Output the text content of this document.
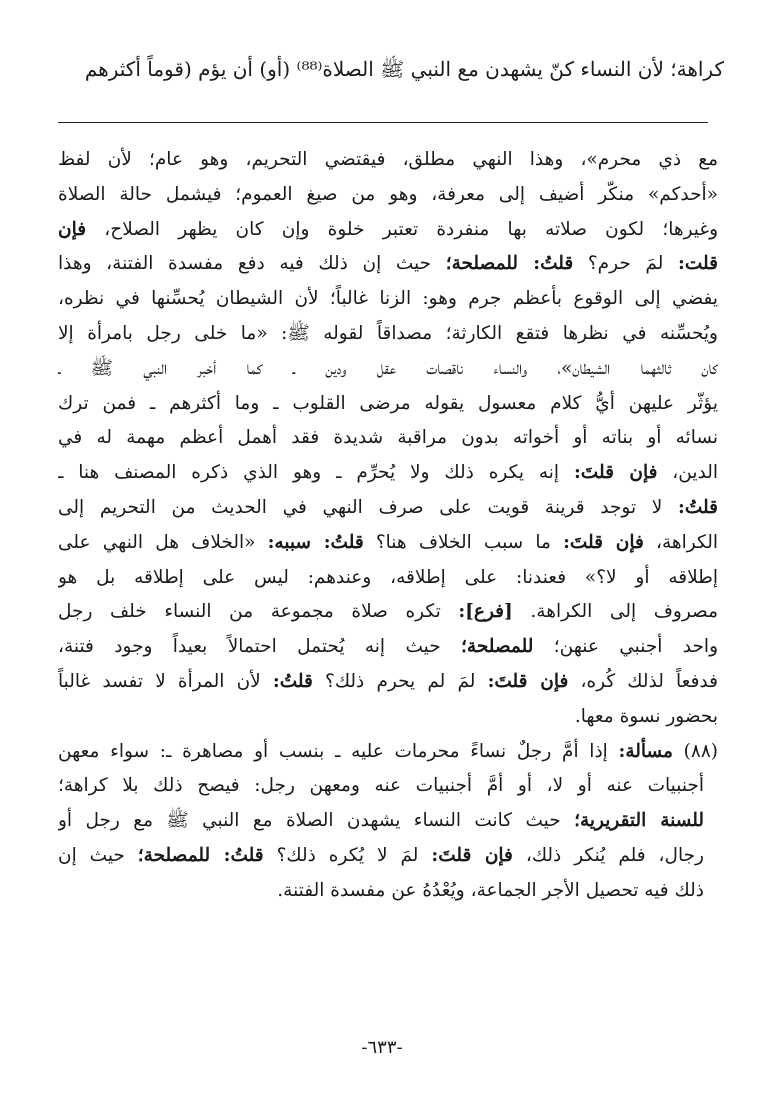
كراهة؛ لأن النساء كنّ يشهدن مع النبي ﷺ الصلاة⁽⁸⁸⁾ (أو) أن يؤم (قوماً أكثرهم
مع ذي محرم»، وهذا النهي مطلق، فيقتضي التحريم، وهو عام؛ لأن لفظ
«أحدكم» منكّر أضيف إلى معرفة، وهو من صيغ العموم؛ فيشمل حالة الصلاة
وغيرها؛ لكون صلاته بها منفردة تعتبر خلوة وإن كان يظهر الصلاح، فإن
قلت: لمَ حرم؟ قلتُ: للمصلحة؛ حيث إن ذلك فيه دفع مفسدة الفتنة، وهذا
يفضي إلى الوقوع بأعظم جرم وهو: الزنا غالباً؛ لأن الشيطان يُحسِّنها في نظره،
ويُحسِّنه في نظرها فتقع الكارثة؛ مصداقاً لقوله ﷺ: «ما خلى رجل بامرأة إلا
كان ثالثهما الشيطان»، والنساء ناقصات عقل ودين ـ كما أخبر النبي ﷺ ـ
يؤثّر عليهن أيُّ كلام معسول يقوله مرضى القلوب ـ وما أكثرهم ـ فمن ترك
نسائه أو بناته أو أخواته بدون مراقبة شديدة فقد أهمل أعظم مهمة له في
الدين، فإن قلتَ: إنه يكره ذلك ولا يُحرِّم ـ وهو الذي ذكره المصنف هنا ـ
قلتُ: لا توجد قرينة قويت على صرف النهي في الحديث من التحريم إلى
الكراهة، فإن قلتَ: ما سبب الخلاف هنا؟ قلتُ: سببه: «الخلاف هل النهي على
إطلاقه أو لا؟» فعندنا: على إطلاقه، وعندهم: ليس على إطلاقه بل هو
مصروف إلى الكراهة. [فرع]: تكره صلاة مجموعة من النساء خلف رجل
واحد أجنبي عنهن؛ للمصلحة؛ حيث إنه يُحتمل احتمالاً بعيداً وجود فتنة،
فدفعاً لذلك كُره، فإن قلتَ: لمَ لم يحرم ذلك؟ قلتُ: لأن المرأة لا تفسد غالباً
بحضور نسوة معها.
(٨٨) مسألة: إذا أمَّ رجلٌ نساءً محرمات عليه ـ بنسب أو مصاهرة ـ: سواء معهن
أجنبيات عنه أو لا، أو أمَّ أجنبيات عنه ومعهن رجل: فيصح ذلك بلا كراهة؛
للسنة التقريرية؛ حيث كانت النساء يشهدن الصلاة مع النبي ﷺ مع رجل أو
رجال، فلم يُنكر ذلك، فإن قلتَ: لمَ لا يُكره ذلك؟ قلتُ: للمصلحة؛ حيث إن
ذلك فيه تحصيل الأجر الجماعة، ويُعْدُهُ عن مفسدة الفتنة.
-٦٣٣-
